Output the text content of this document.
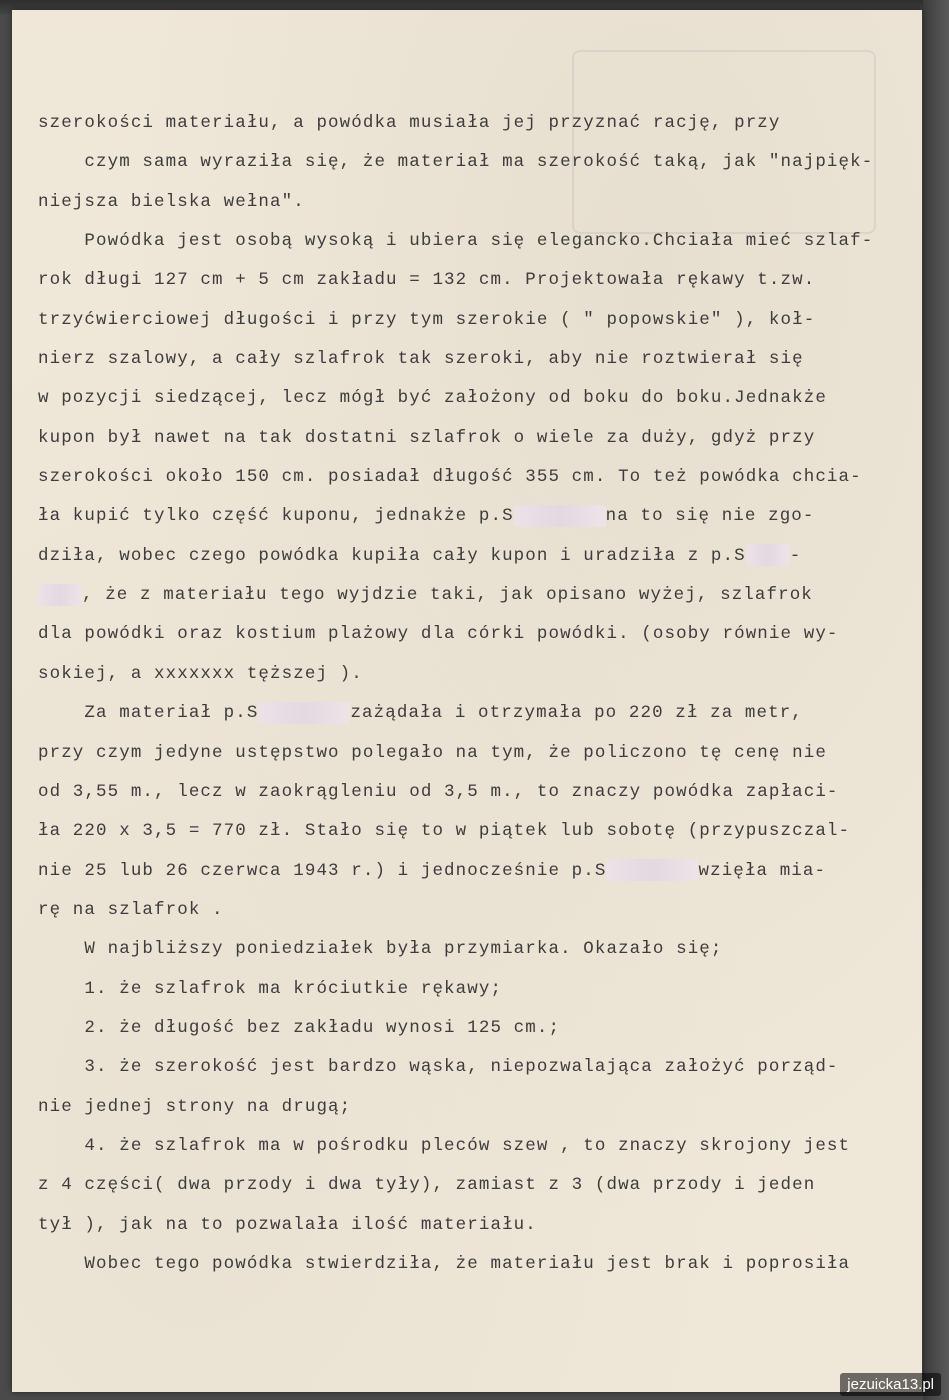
szerokości materiału, a powódka musiała jej przyznać rację, przy
czym sama wyraziła się, że materiał ma szerokość taką, jak "najpięk-
niejsza bielska wełna".
Powódka jest osobą wysoką i ubiera się elegancko.Chciała mieć szlaf-
rok długi 127 cm + 5 cm zakładu = 132 cm. Projektowała rękawy t.zw.
trzyćwierciowej długości i przy tym szerokie ( " popowskie" ), koł-
nierz szalowy, a cały szlafrok tak szeroki, aby nie roztwierał się
w pozycji siedzącej, lecz mógł być założony od boku do boku.Jednakże
kupon był nawet na tak dostatni szlafrok o wiele za duży, gdyż przy
szerokości około 150 cm. posiadał długość 355 cm. To też powódka chcia-
ła kupić tylko część kuponu, jednakże p.S	na to się nie zgo-
dziła, wobec czego powódka kupiła cały kupon i uradziła z p.S	-
, że z materiału tego wyjdzie taki, jak opisano wyżej, szlafrok
dla powódki oraz kostium plażowy dla córki powódki. (osoby równie wy-
sokiej, a xxxxxxx tęższej ).
Za materiał p.S	zażądała i otrzymała po 220 zł za metr,
przy czym jedyne ustępstwo polegało na tym, że policzono tę cenę nie
od 3,55 m., lecz w zaokrągleniu od 3,5 m., to znaczy powódka zapłaci-
ła 220 x 3,5 = 770 zł. Stało się to w piątek lub sobotę (przypuszczal-
nie 25 lub 26 czerwca 1943 r.) i jednocześnie p.S	wzięła mia-
rę na szlafrok .
W najbliższy poniedziałek była przymiarka. Okazało się;
1. że szlafrok ma króciutkie rękawy;
2. że długość bez zakładu wynosi 125 cm.;
3. że szerokość jest bardzo wąska, niepozwalająca założyć porząd-
nie jednej strony na drugą;
4. że szlafrok ma w pośrodku pleców szew , to znaczy skrojony jest
z 4 części( dwa przody i dwa tyły), zamiast z 3 (dwa przody i jeden
tył ), jak na to pozwalała ilość materiału.
Wobec tego powódka stwierdziła, że materiału jest brak i poprosiła
jezuicka13.pl
